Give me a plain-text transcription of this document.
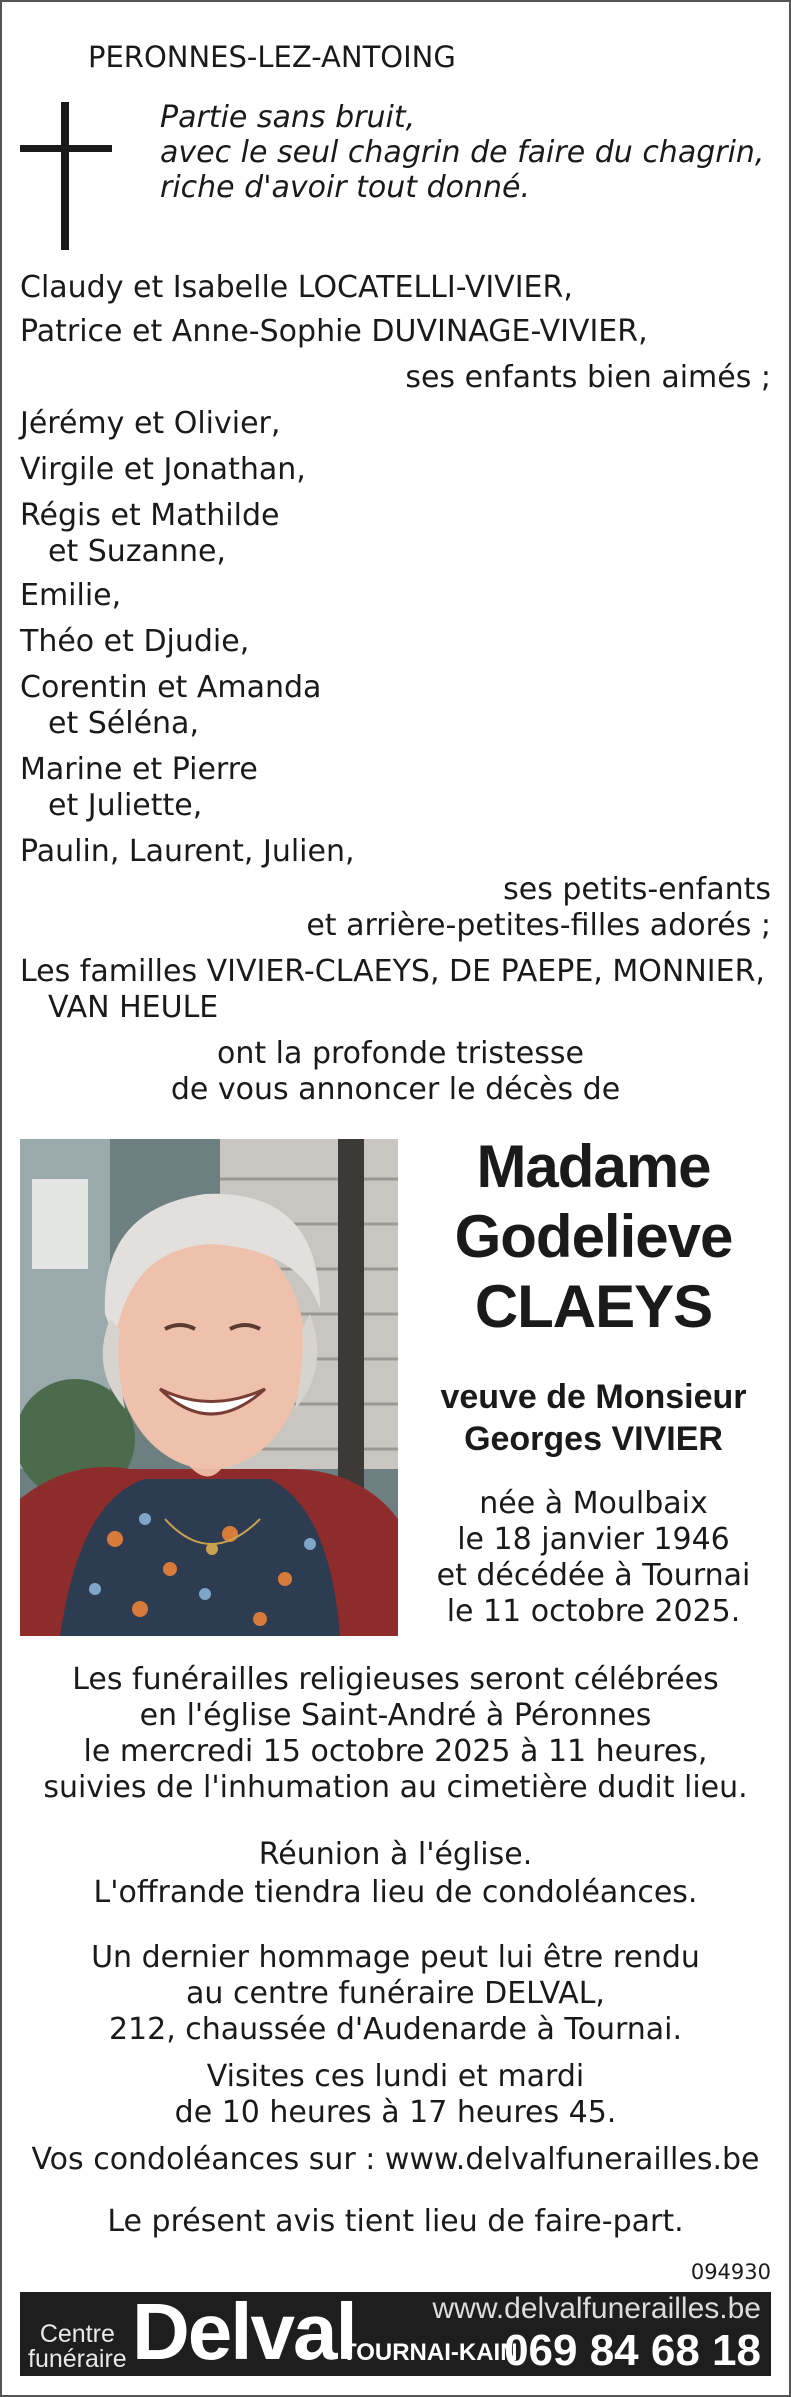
PERONNES-LEZ-ANTOING
Partie sans bruit,
avec le seul chagrin de faire du chagrin,
riche d'avoir tout donné.
Claudy et Isabelle LOCATELLI-VIVIER,
Patrice et Anne-Sophie DUVINAGE-VIVIER,
ses enfants bien aimés ;
Jérémy et Olivier,
Virgile et Jonathan,
Régis et Mathilde
et Suzanne,
Emilie,
Théo et Djudie,
Corentin et Amanda
et Séléna,
Marine et Pierre
et Juliette,
Paulin, Laurent, Julien,
ses petits-enfants
et arrière-petites-filles adorés ;
Les familles VIVIER-CLAEYS, DE PAEPE, MONNIER,
VAN HEULE
ont la profonde tristesse
de vous annoncer le décès de
Madame
Godelieve
CLAEYS
veuve de Monsieur
Georges VIVIER
née à Moulbaix
le 18 janvier 1946
et décédée à Tournai
le 11 octobre 2025.
Les funérailles religieuses seront célébrées
en l'église Saint-André à Péronnes
le mercredi 15 octobre 2025 à 11 heures,
suivies de l'inhumation au cimetière dudit lieu.
Réunion à l'église.
L'offrande tiendra lieu de condoléances.
Un dernier hommage peut lui être rendu
au centre funéraire DELVAL,
212, chaussée d'Audenarde à Tournai.
Visites ces lundi et mardi
de 10 heures à 17 heures 45.
Vos condoléances sur : www.delvalfunerailles.be
Le présent avis tient lieu de faire-part.
094930
Centre
funéraire Delval	www.delvalfunerailles.be
TOURNAI-KAIN
069 84 68 18
